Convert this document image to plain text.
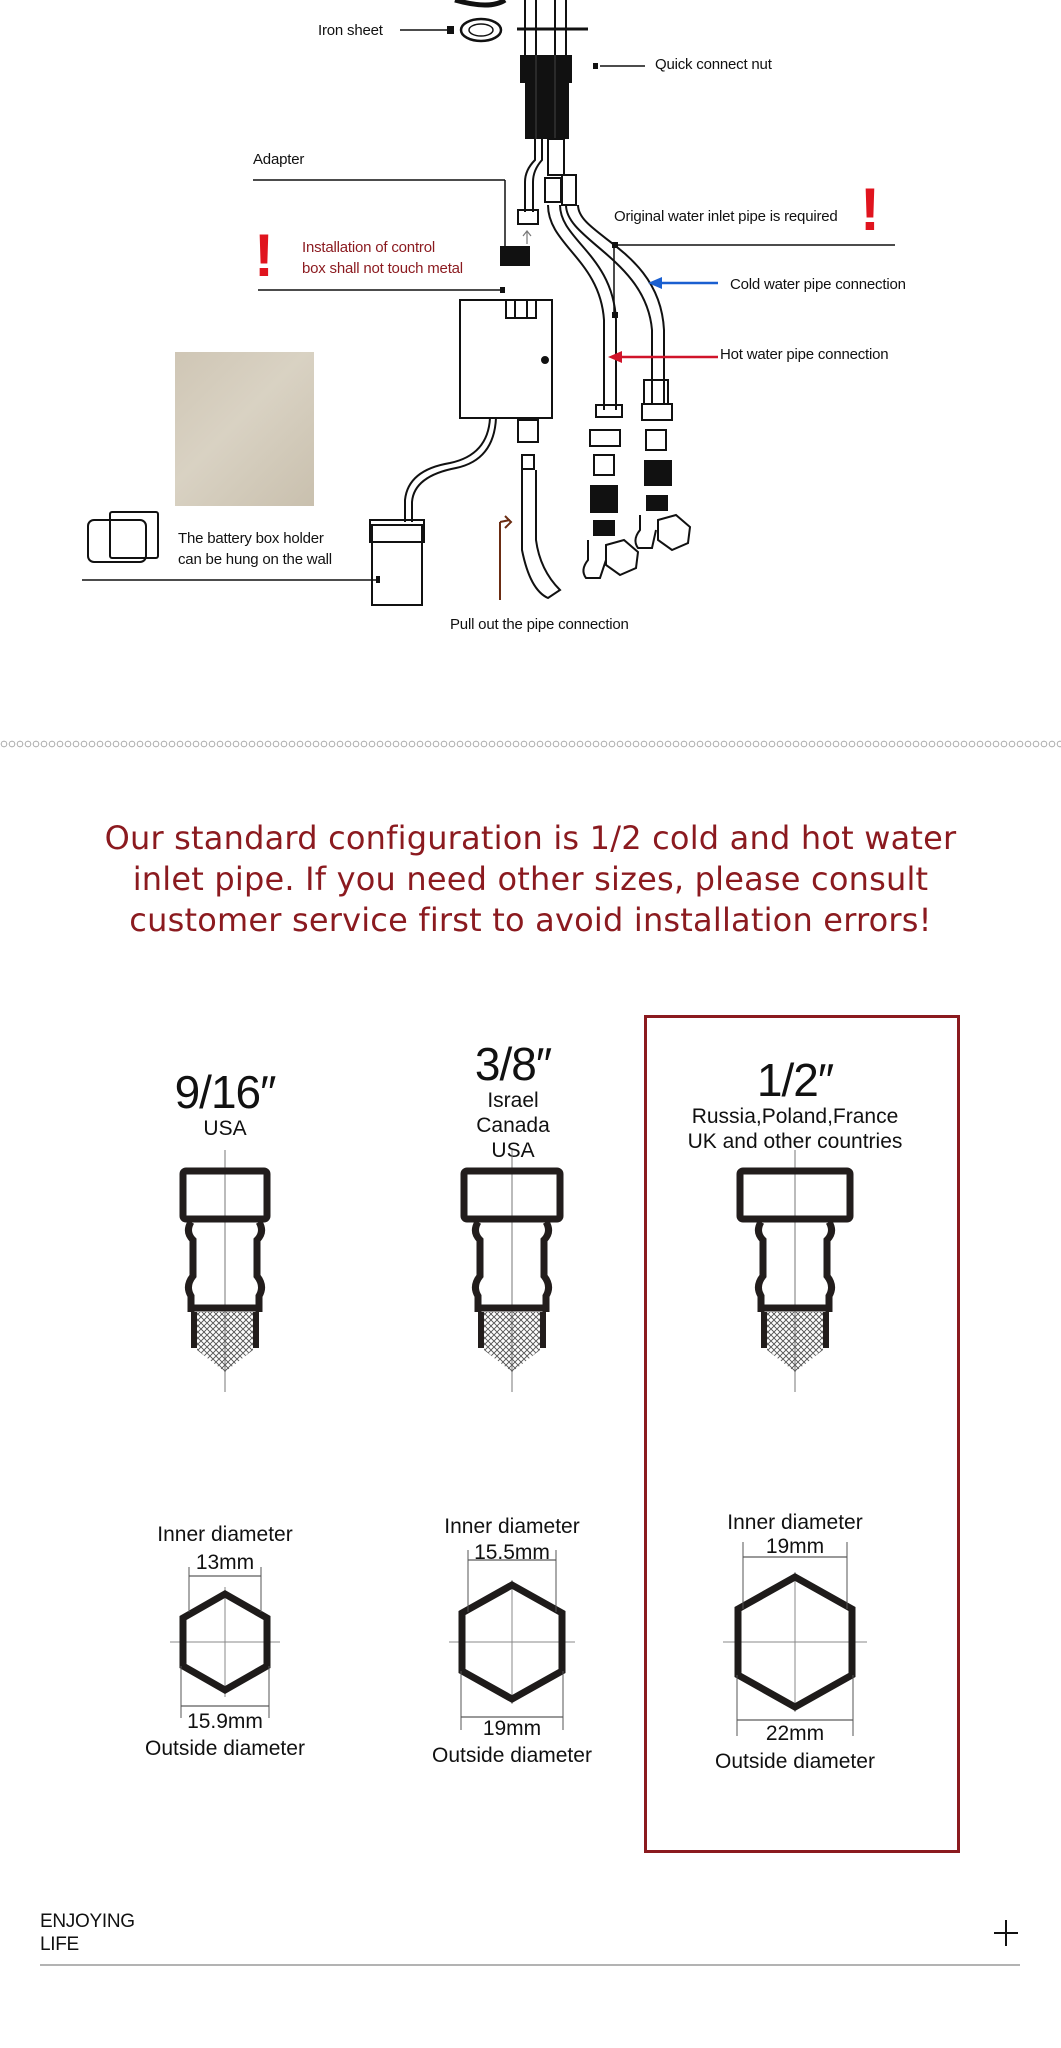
!
!
Iron sheet
Quick connect nut
Adapter
Installation of control
box shall not touch metal
Original water inlet pipe is required
Cold water pipe connection
Hot water pipe connection
The battery box holder
can be hung on the wall
Pull out the pipe connection
Our standard configuration is 1/2 cold and hot water inlet pipe. If you need other sizes, please consult customer service first to avoid installation errors!
9/16″
USA
3/8″
Israel
Canada
USA
1/2″
Russia,Poland,France
UK and other countries
Inner diameter
13mm
15.9mm
Outside diameter
Inner diameter
15.5mm
19mm
Outside diameter
Inner diameter
19mm
22mm
Outside diameter
ENJOYING
LIFE
